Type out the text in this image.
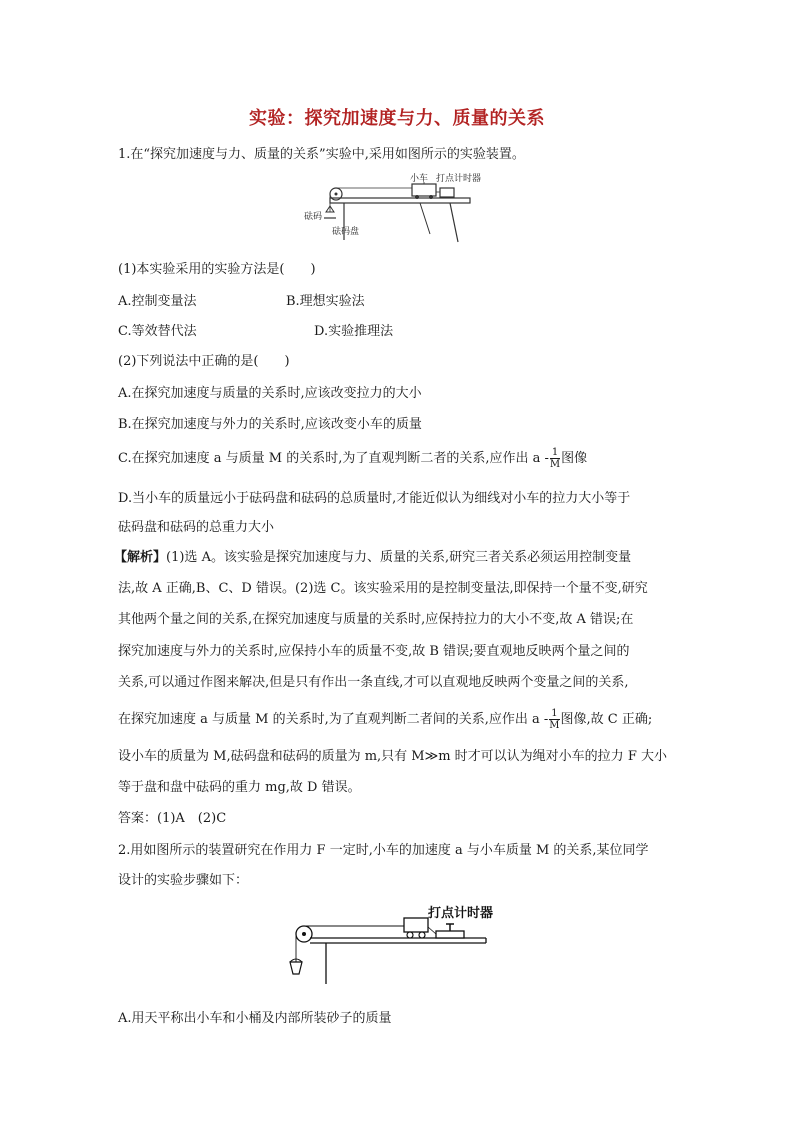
实验：探究加速度与力、质量的关系
1.在“探究加速度与力、质量的关系”实验中,采用如图所示的实验装置。
小车 打点计时器
砝码
砝码盘
(1)本实验采用的实验方法是(　　)
A.控制变量法	B.理想实验法
C.等效替代法	D.实验推理法
(2)下列说法中正确的是(　　)
A.在探究加速度与质量的关系时,应该改变拉力的大小
B.在探究加速度与外力的关系时,应该改变小车的质量
C.在探究加速度 a 与质量 M 的关系时,为了直观判断二者的关系,应作出 a - $\frac{1}{M}$ 图像
D.当小车的质量远小于砝码盘和砝码的总质量时,才能近似认为细线对小车的拉力大小等于
砝码盘和砝码的总重力大小
【解析】(1)选 A。该实验是探究加速度与力、质量的关系,研究三者关系必须运用控制变量
法,故 A 正确,B、C、D 错误。(2)选 C。该实验采用的是控制变量法,即保持一个量不变,研究
其他两个量之间的关系,在探究加速度与质量的关系时,应保持拉力的大小不变,故 A 错误;在
探究加速度与外力的关系时,应保持小车的质量不变,故 B 错误;要直观地反映两个量之间的
关系,可以通过作图来解决,但是只有作出一条直线,才可以直观地反映两个变量之间的关系,
在探究加速度 a 与质量 M 的关系时,为了直观判断二者间的关系,应作出 a - $\frac{1}{M}$ 图像,故 C 正确;
设小车的质量为 M,砝码盘和砝码的质量为 m,只有 M≫m 时才可以认为绳对小车的拉力 F 大小
等于盘和盘中砝码的重力 mg,故 D 错误。
答案：(1)A　(2)C
2.用如图所示的装置研究在作用力 F 一定时,小车的加速度 a 与小车质量 M 的关系,某位同学
设计的实验步骤如下：
打点计时器
A.用天平称出小车和小桶及内部所装砂子的质量
